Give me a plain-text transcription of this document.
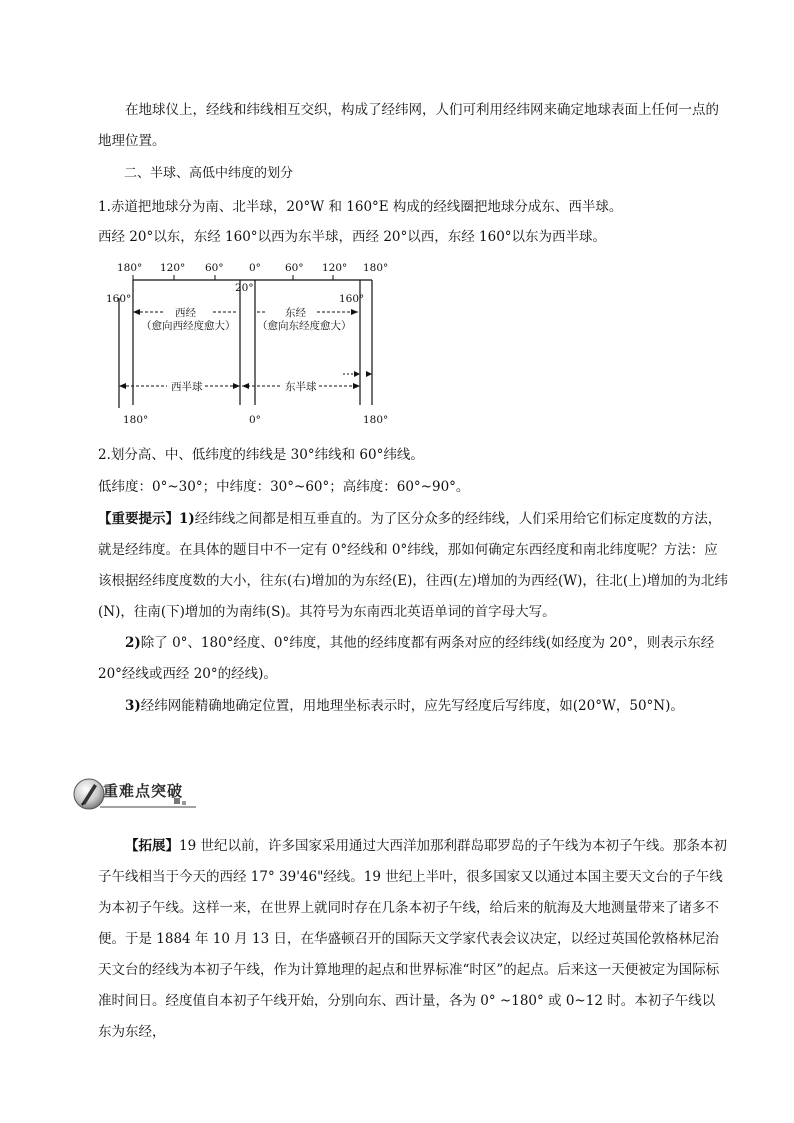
在地球仪上，经线和纬线相互交织，构成了经纬网，人们可利用经纬网来确定地球表面上任何一点的

地理位置。

二、半球、高低中纬度的划分

1.赤道把地球分为南、北半球，20°W 和 160°E 构成的经线圈把地球分成东、西半球。

西经 20°以东，东经 160°以西为东半球，西经 20°以西，东经 160°以东为西半球。

180° 120° 60° 0° 60° 120° 180°
160°
20°
160°
西经
（愈向西经度愈大）
东经
（愈向东经度愈大）
西半球	东半球
180°	0°	180°

2.划分高、中、低纬度的纬线是 30°纬线和 60°纬线。

低纬度：0°~30°；中纬度：30°~60°；高纬度：60°~90°。

【重要提示】1)经纬线之间都是相互垂直的。为了区分众多的经纬线，人们采用给它们标定度数的方法，就是经纬度。在具体的题目中不一定有 0°经线和 0°纬线，那如何确定东西经度和南北纬度呢？方法：应该根据经纬度度数的大小，往东(右)增加的为东经(E)，往西(左)增加的为西经(W)，往北(上)增加的为北纬(N)，往南(下)增加的为南纬(S)。其符号为东南西北英语单词的首字母大写。

2)除了 0°、180°经度、0°纬度，其他的经纬度都有两条对应的经纬线(如经度为 20°，则表示东经 20°经线或西经 20°的经线)。

3)经纬网能精确地确定位置，用地理坐标表示时，应先写经度后写纬度，如(20°W，50°N)。

重难点突破

【拓展】19 世纪以前，许多国家采用通过大西洋加那利群岛耶罗岛的子午线为本初子午线。那条本初子午线相当于今天的西经 17° 39'46"经线。19 世纪上半叶，很多国家又以通过本国主要天文台的子午线为本初子午线。这样一来，在世界上就同时存在几条本初子午线，给后来的航海及大地测量带来了诸多不便。于是 1884 年 10 月 13 日，在华盛顿召开的国际天文学家代表会议决定，以经过英国伦敦格林尼治天文台的经线为本初子午线，作为计算地理的起点和世界标准“时区”的起点。后来这一天便被定为国际标准时间日。经度值自本初子午线开始，分别向东、西计量，各为 0° ~180° 或 0~12 时。本初子午线以东为东经，
